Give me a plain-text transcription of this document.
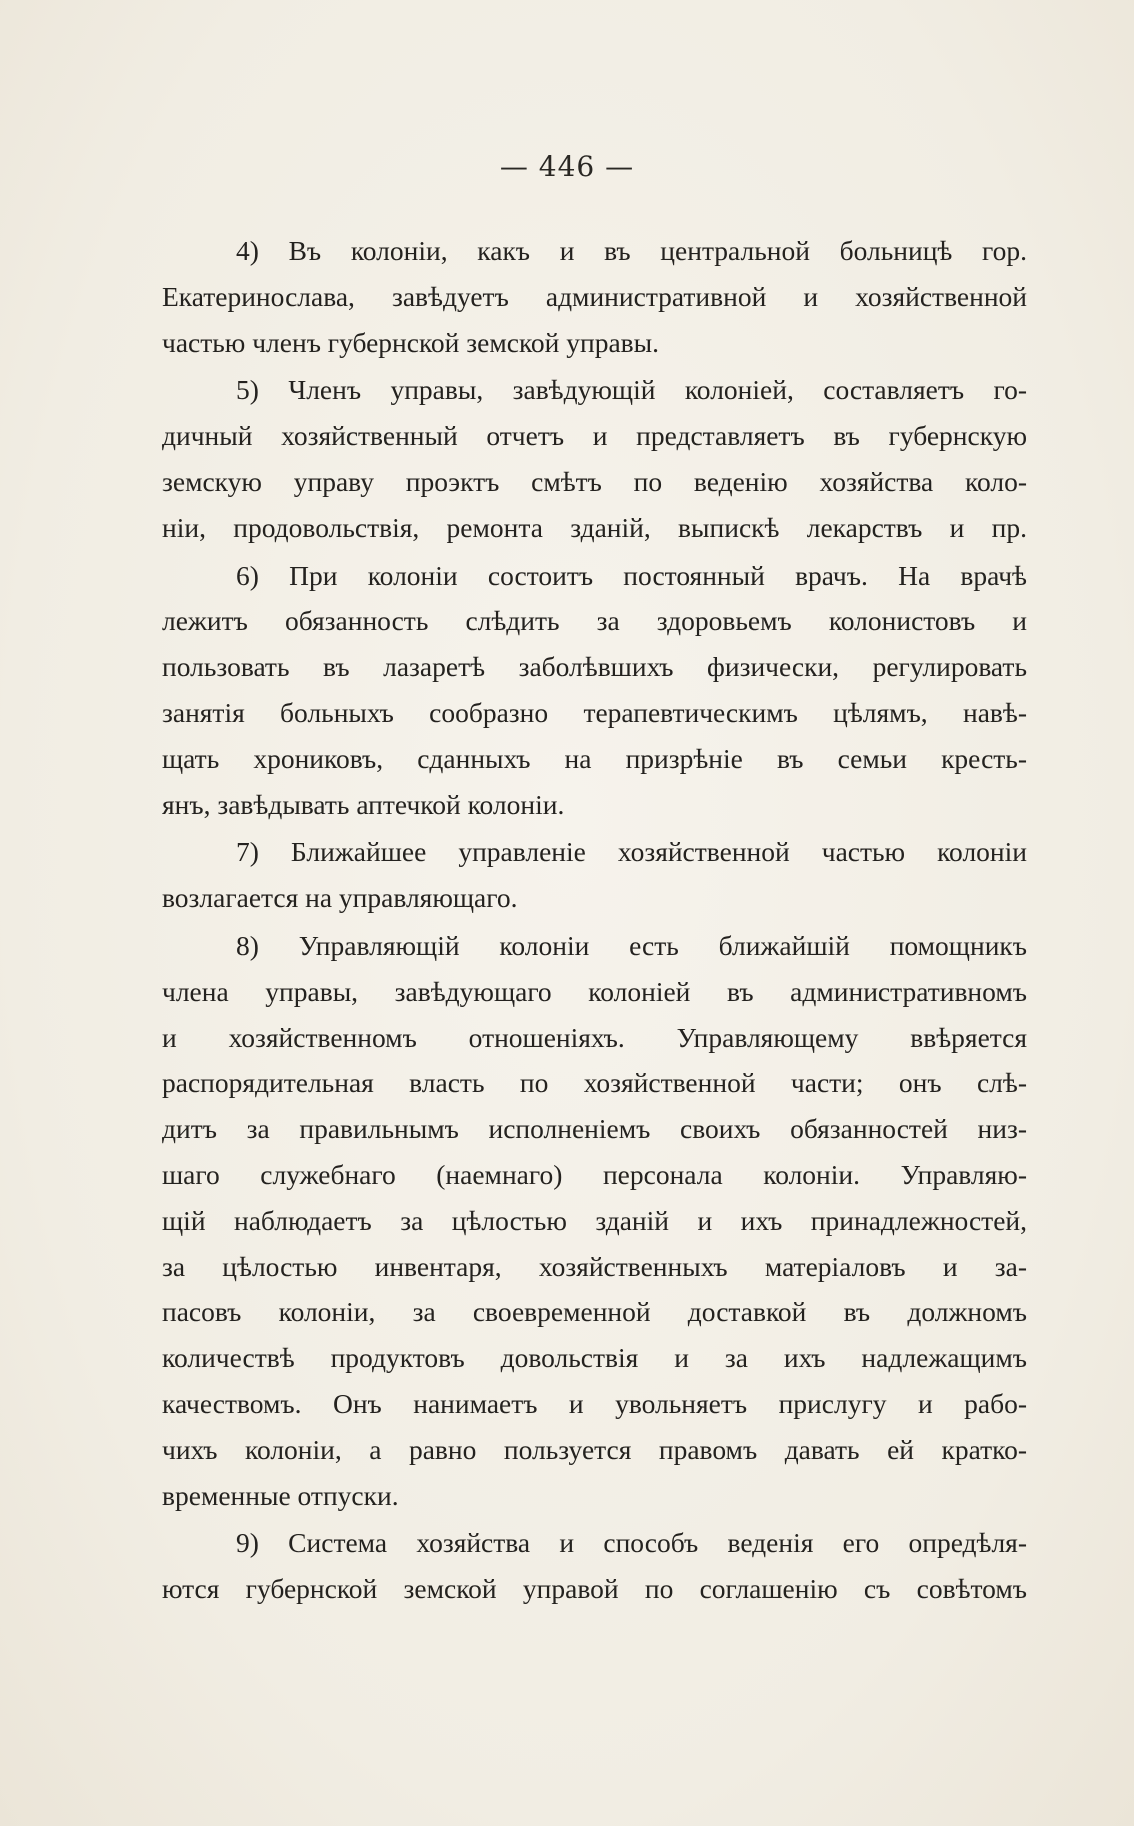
— 446 —
4) Въ колоніи, какъ и въ центральной больницѣ гор.
Екатеринослава, завѣдуетъ административной и хозяйственной
частью членъ губернской земской управы.
5) Членъ управы, завѣдующій колоніей, составляетъ го-
дичный хозяйственный отчетъ и представляетъ въ губернскую
земскую управу проэктъ смѣтъ по веденію хозяйства коло-
ніи, продовольствія, ремонта зданій, выпискѣ лекарствъ и пр.
6) При колоніи состоитъ постоянный врачъ. На врачѣ
лежитъ обязанность слѣдить за здоровьемъ колонистовъ и
пользовать въ лазаретѣ заболѣвшихъ физически, регулировать
занятія больныхъ сообразно терапевтическимъ цѣлямъ, навѣ-
щать хрониковъ, сданныхъ на призрѣніе въ семьи кресть-
янъ, завѣдывать аптечкой колоніи.
7) Ближайшее управленіе хозяйственной частью колоніи
возлагается на управляющаго.
8) Управляющій колоніи есть ближайшій помощникъ
члена управы, завѣдующаго колоніей въ административномъ
и хозяйственномъ отношеніяхъ. Управляющему ввѣряется
распорядительная власть по хозяйственной части; онъ слѣ-
дитъ за правильнымъ исполненіемъ своихъ обязанностей низ-
шаго служебнаго (наемнаго) персонала колоніи. Управляю-
щій наблюдаетъ за цѣлостью зданій и ихъ принадлежностей,
за цѣлостью инвентаря, хозяйственныхъ матеріаловъ и за-
пасовъ колоніи, за своевременной доставкой въ должномъ
количествѣ продуктовъ довольствія и за ихъ надлежащимъ
качествомъ. Онъ нанимаетъ и увольняетъ прислугу и рабо-
чихъ колоніи, а равно пользуется правомъ давать ей кратко-
временные отпуски.
9) Система хозяйства и способъ веденія его опредѣля-
ются губернской земской управой по соглашенію съ совѣтомъ
